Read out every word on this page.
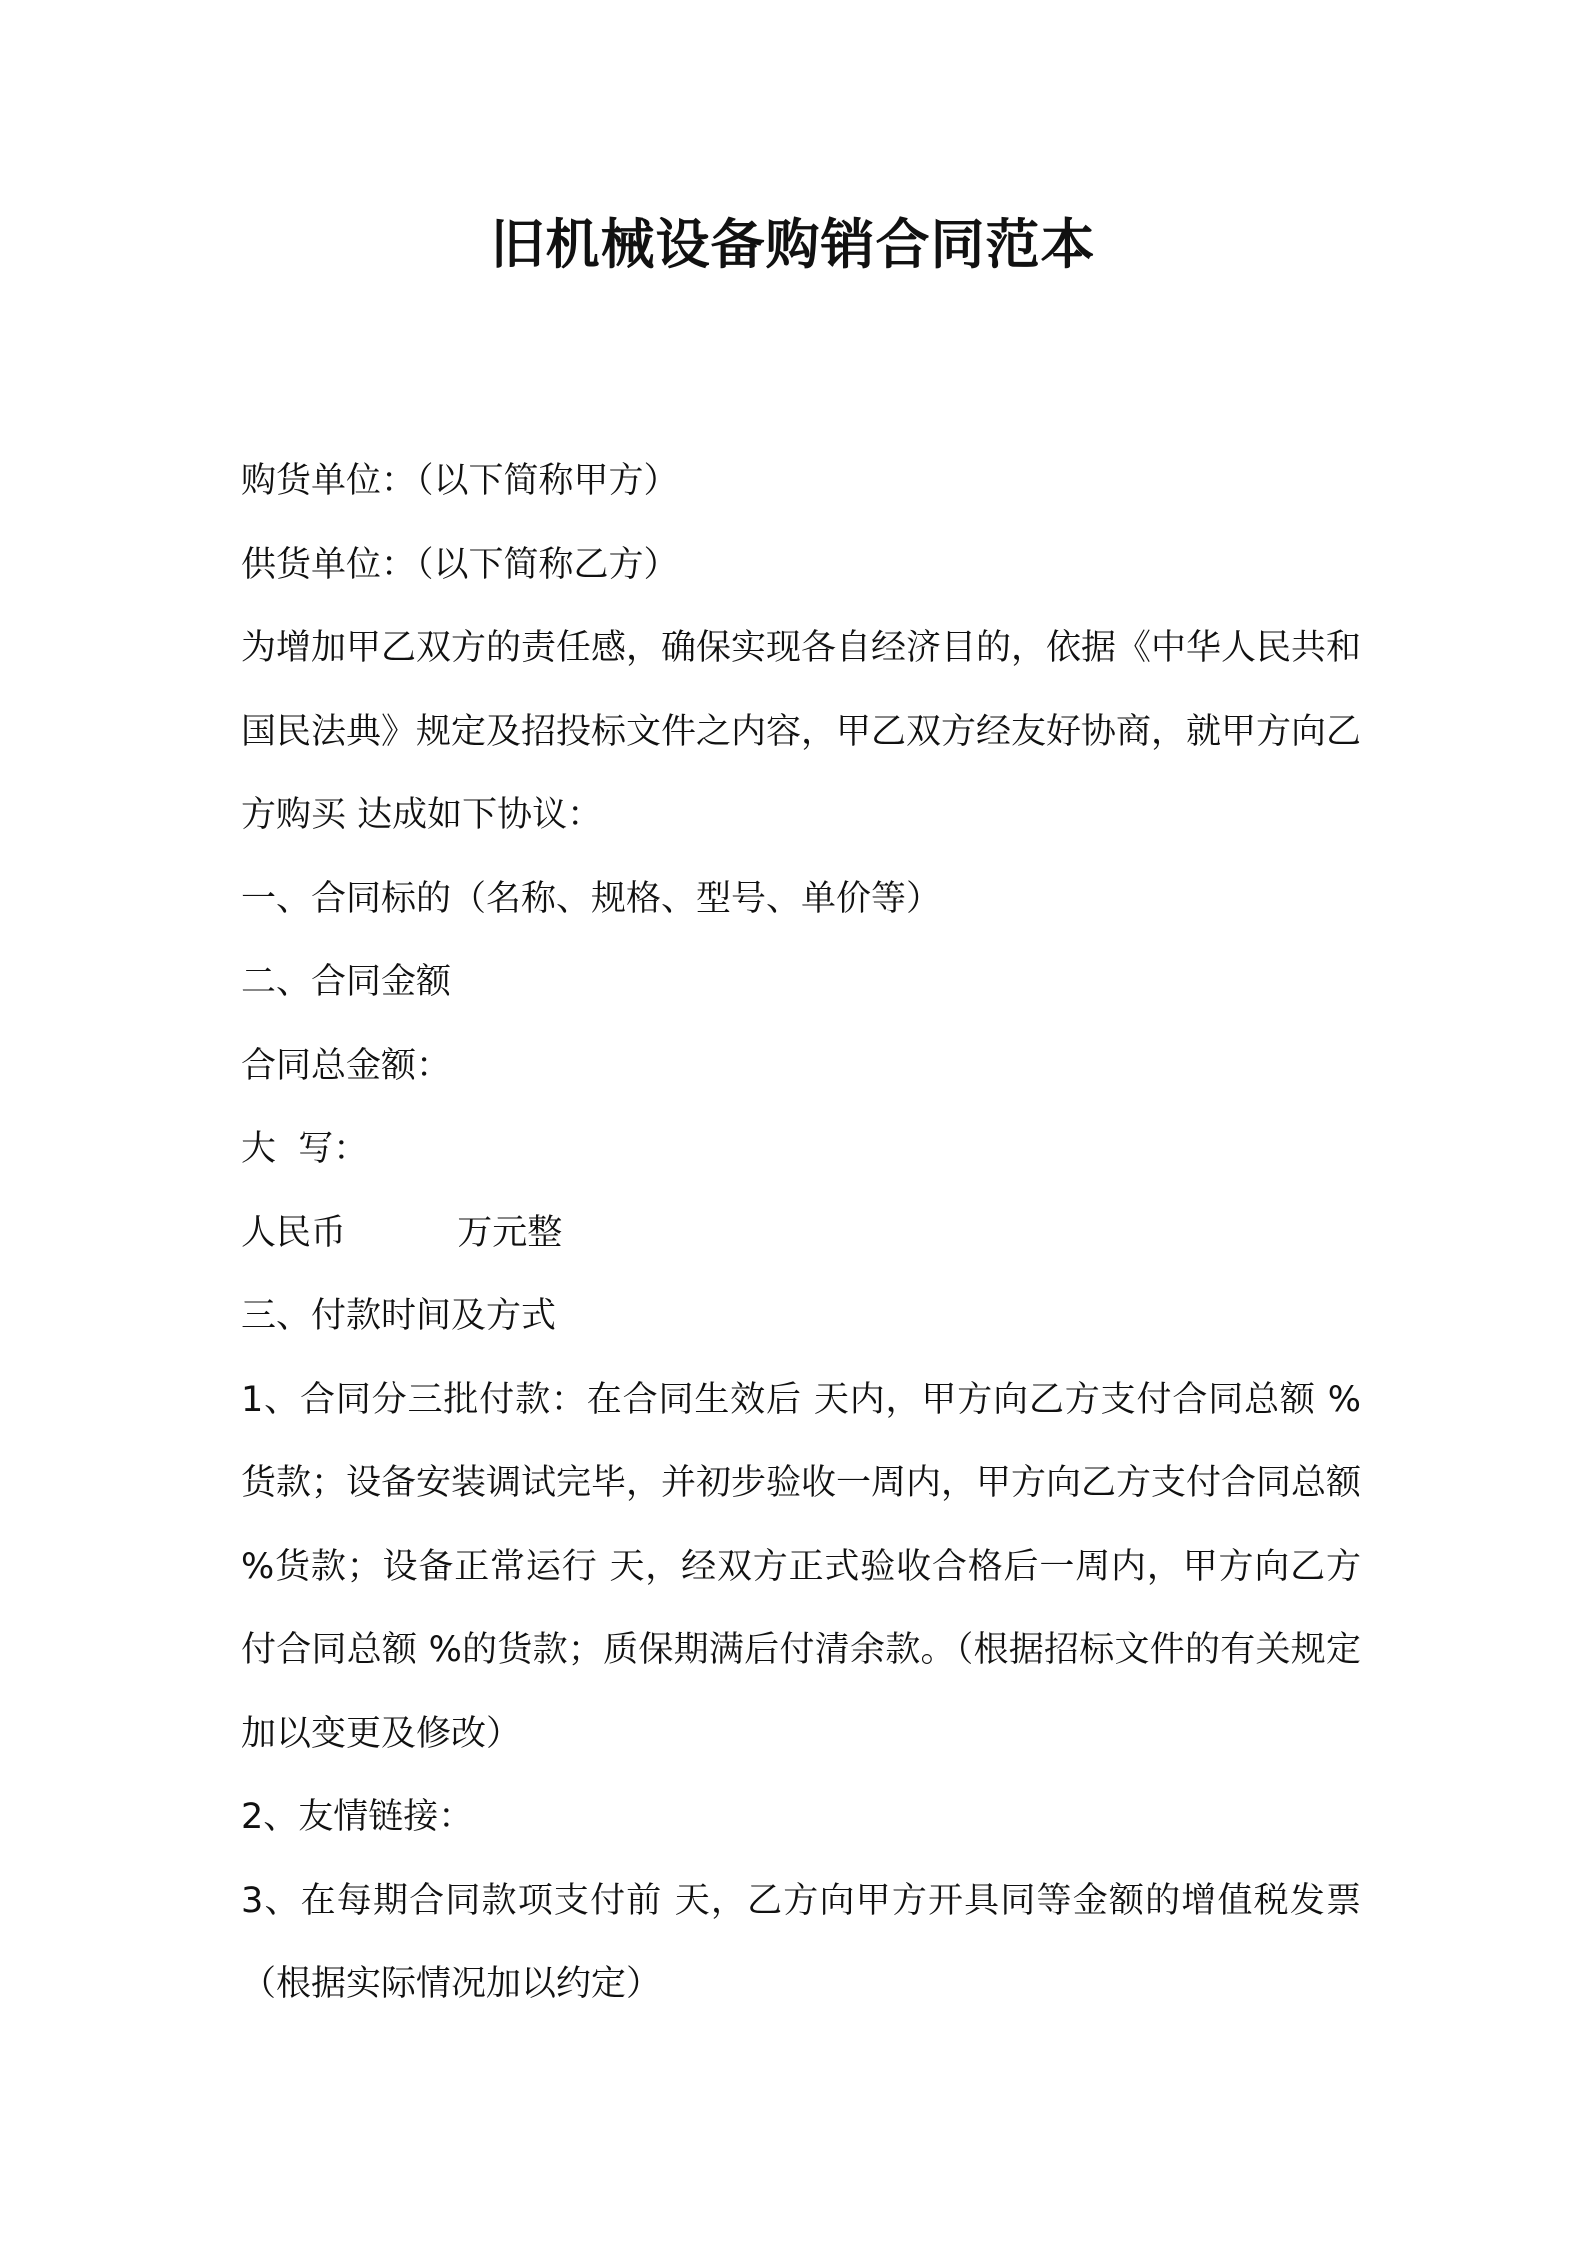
旧机械设备购销合同范本

购货单位：（以下简称甲方）

供货单位：（以下简称乙方）

为增加甲乙双方的责任感，确保实现各自经济目的，依据《中华人民共和国民法典》规定及招投标文件之内容，甲乙双方经友好协商，就甲方向乙方购买 达成如下协议：

一、合同标的（名称、规格、型号、单价等）

二、合同金额

合同总金额：

大  写：

人民币          万元整

三、付款时间及方式

1、合同分三批付款：在合同生效后 天内，甲方向乙方支付合同总额 %货款；设备安装调试完毕，并初步验收一周内，甲方向乙方支付合同总额 %货款；设备正常运行 天，经双方正式验收合格后一周内，甲方向乙方付合同总额 %的货款；质保期满后付清余款。（根据招标文件的有关规定加以变更及修改）

2、友情链接：

3、在每期合同款项支付前 天，乙方向甲方开具同等金额的增值税发票（根据实际情况加以约定）
